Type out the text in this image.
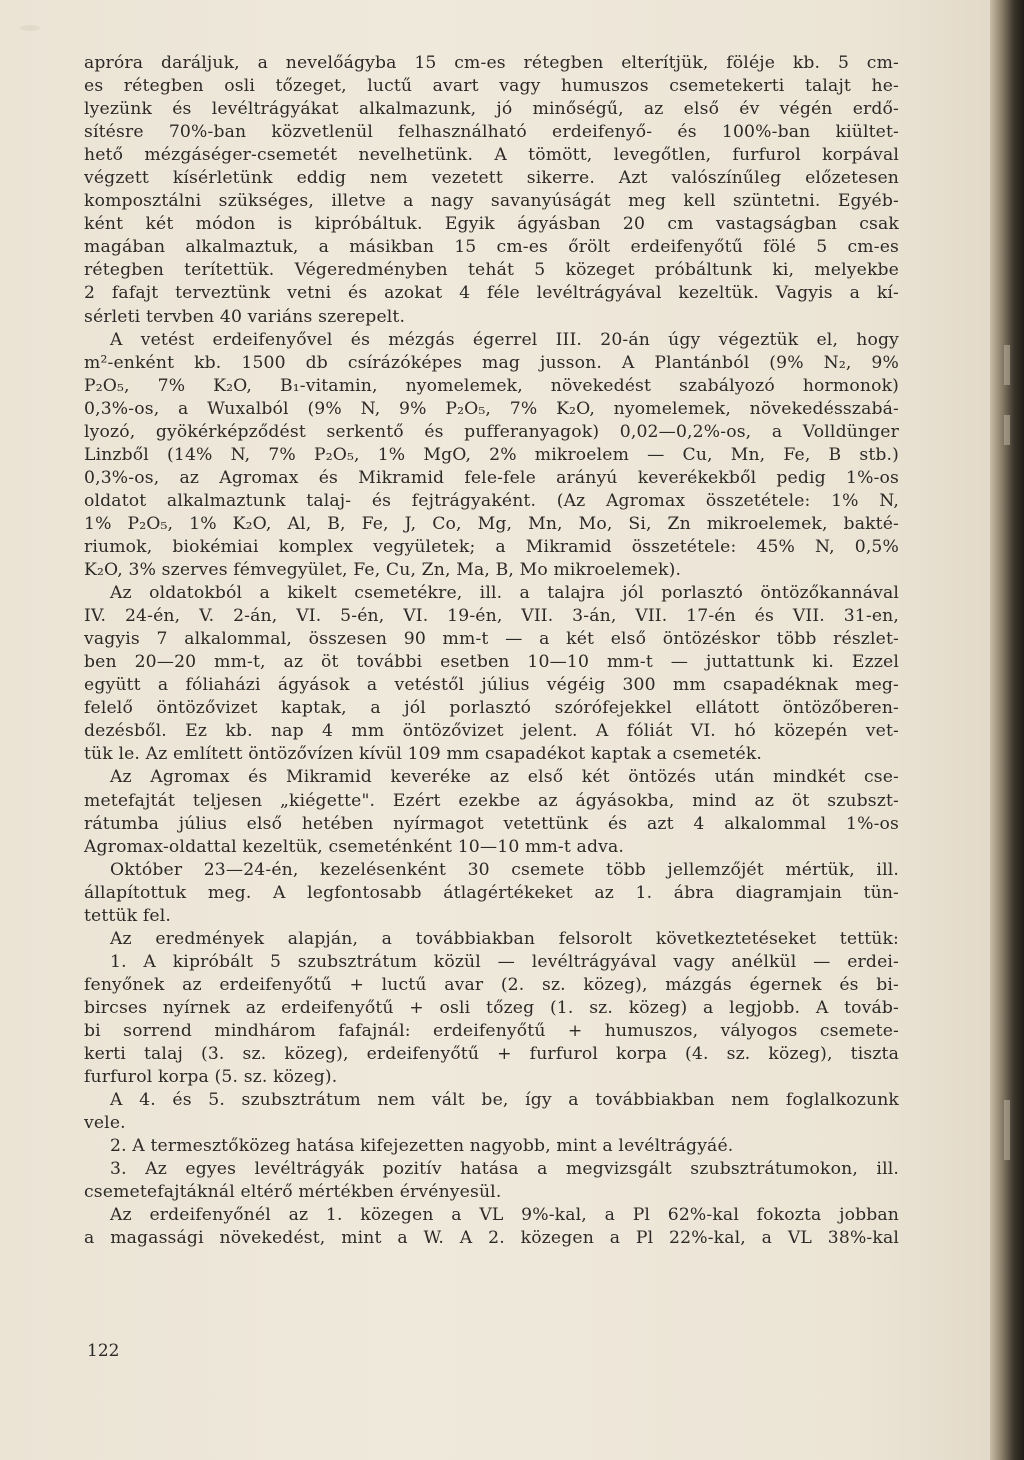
apróra daráljuk, a nevelőágyba 15 cm-es rétegben elterítjük, föléje kb. 5 cm-
es rétegben osli tőzeget, luctű avart vagy humuszos csemetekerti talajt he-
lyezünk és levéltrágyákat alkalmazunk, jó minőségű, az első év végén erdő-
sítésre 70%-ban közvetlenül felhasználható erdeifenyő- és 100%-ban kiültet-
hető mézgáséger-csemetét nevelhetünk. A tömött, levegőtlen, furfurol korpával
végzett kísérletünk eddig nem vezetett sikerre. Azt valószínűleg előzetesen
komposztálni szükséges, illetve a nagy savanyúságát meg kell szüntetni. Egyéb-
ként két módon is kipróbáltuk. Egyik ágyásban 20 cm vastagságban csak
magában alkalmaztuk, a másikban 15 cm-es őrölt erdeifenyőtű fölé 5 cm-es
rétegben terítettük. Végeredményben tehát 5 közeget próbáltunk ki, melyekbe
2 fafajt terveztünk vetni és azokat 4 féle levéltrágyával kezeltük. Vagyis a kí-
sérleti tervben 40 variáns szerepelt.
A vetést erdeifenyővel és mézgás égerrel III. 20-án úgy végeztük el, hogy
m²-enként kb. 1500 db csírázóképes mag jusson. A Plantánból (9% N₂, 9%
P₂O₅, 7% K₂O, B₁-vitamin, nyomelemek, növekedést szabályozó hormonok)
0,3%-os, a Wuxalból (9% N, 9% P₂O₅, 7% K₂O, nyomelemek, növekedésszabá-
lyozó, gyökérképződést serkentő és pufferanyagok) 0,02—0,2%-os, a Volldünger
Linzből (14% N, 7% P₂O₅, 1% MgO, 2% mikroelem — Cu, Mn, Fe, B stb.)
0,3%-os, az Agromax és Mikramid fele-fele arányú keverékekből pedig 1%-os
oldatot alkalmaztunk talaj- és fejtrágyaként. (Az Agromax összetétele: 1% N,
1% P₂O₅, 1% K₂O, Al, B, Fe, J, Co, Mg, Mn, Mo, Si, Zn mikroelemek, bakté-
riumok, biokémiai komplex vegyületek; a Mikramid összetétele: 45% N, 0,5%
K₂O, 3% szerves fémvegyület, Fe, Cu, Zn, Ma, B, Mo mikroelemek).
Az oldatokból a kikelt csemetékre, ill. a talajra jól porlasztó öntözőkannával
IV. 24-én, V. 2-án, VI. 5-én, VI. 19-én, VII. 3-án, VII. 17-én és VII. 31-en,
vagyis 7 alkalommal, összesen 90 mm-t — a két első öntözéskor több részlet-
ben 20—20 mm-t, az öt további esetben 10—10 mm-t — juttattunk ki. Ezzel
együtt a fóliaházi ágyások a vetéstől július végéig 300 mm csapadéknak meg-
felelő öntözővizet kaptak, a jól porlasztó szórófejekkel ellátott öntözőberen-
dezésből. Ez kb. nap 4 mm öntözővizet jelent. A fóliát VI. hó közepén vet-
tük le. Az említett öntözővízen kívül 109 mm csapadékot kaptak a csemeték.
Az Agromax és Mikramid keveréke az első két öntözés után mindkét cse-
metefajtát teljesen „kiégette". Ezért ezekbe az ágyásokba, mind az öt szubszt-
rátumba július első hetében nyírmagot vetettünk és azt 4 alkalommal 1%-os
Agromax-oldattal kezeltük, csemeténként 10—10 mm-t adva.
Október 23—24-én, kezelésenként 30 csemete több jellemzőjét mértük, ill.
állapítottuk meg. A legfontosabb átlagértékeket az 1. ábra diagramjain tün-
tettük fel.
Az eredmények alapján, a továbbiakban felsorolt következtetéseket tettük:
1. A kipróbált 5 szubsztrátum közül — levéltrágyával vagy anélkül — erdei-
fenyőnek az erdeifenyőtű + luctű avar (2. sz. közeg), mázgás égernek és bi-
bircses nyírnek az erdeifenyőtű + osli tőzeg (1. sz. közeg) a legjobb. A továb-
bi sorrend mindhárom fafajnál: erdeifenyőtű + humuszos, vályogos csemete-
kerti talaj (3. sz. közeg), erdeifenyőtű + furfurol korpa (4. sz. közeg), tiszta
furfurol korpa (5. sz. közeg).
A 4. és 5. szubsztrátum nem vált be, így a továbbiakban nem foglalkozunk
vele.
2. A termesztőközeg hatása kifejezetten nagyobb, mint a levéltrágyáé.
3. Az egyes levéltrágyák pozitív hatása a megvizsgált szubsztrátumokon, ill.
csemetefajtáknál eltérő mértékben érvényesül.
Az erdeifenyőnél az 1. közegen a VL 9%-kal, a Pl 62%-kal fokozta jobban
a magassági növekedést, mint a W. A 2. közegen a Pl 22%-kal, a VL 38%-kal
122
